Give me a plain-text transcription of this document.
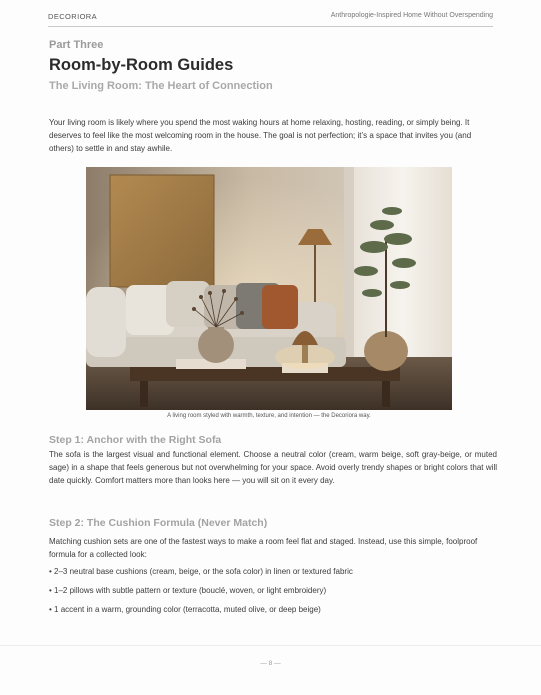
DECORIORA	Anthropologie-Inspired Home Without Overspending
Part Three
Room-by-Room Guides
The Living Room: The Heart of Connection

Your living room is likely where you spend the most waking hours at home relaxing, hosting, reading, or simply being. It deserves to feel like the most welcoming room in the house. The goal is not perfection; it’s a space that invites you (and others) to settle in and stay awhile.

A living room styled with warmth, texture, and intention — the Decoriora way.
Step 1: Anchor with the Right Sofa

The sofa is the largest visual and functional element. Choose a neutral color (cream, warm beige, soft gray-beige, or muted sage) in a shape that feels generous but not overwhelming for your space. Avoid overly trendy shapes or bright colors that will date quickly. Comfort matters more than looks here — you will sit on it every day.

Step 2: The Cushion Formula (Never Match)

Matching cushion sets are one of the fastest ways to make a room feel flat and staged. Instead, use this simple, foolproof formula for a collected look:

• 2–3 neutral base cushions (cream, beige, or the sofa color) in linen or textured fabric
• 1–2 pillows with subtle pattern or texture (bouclé, woven, or light embroidery)
• 1 accent in a warm, grounding color (terracotta, muted olive, or deep beige)
— 8 —
